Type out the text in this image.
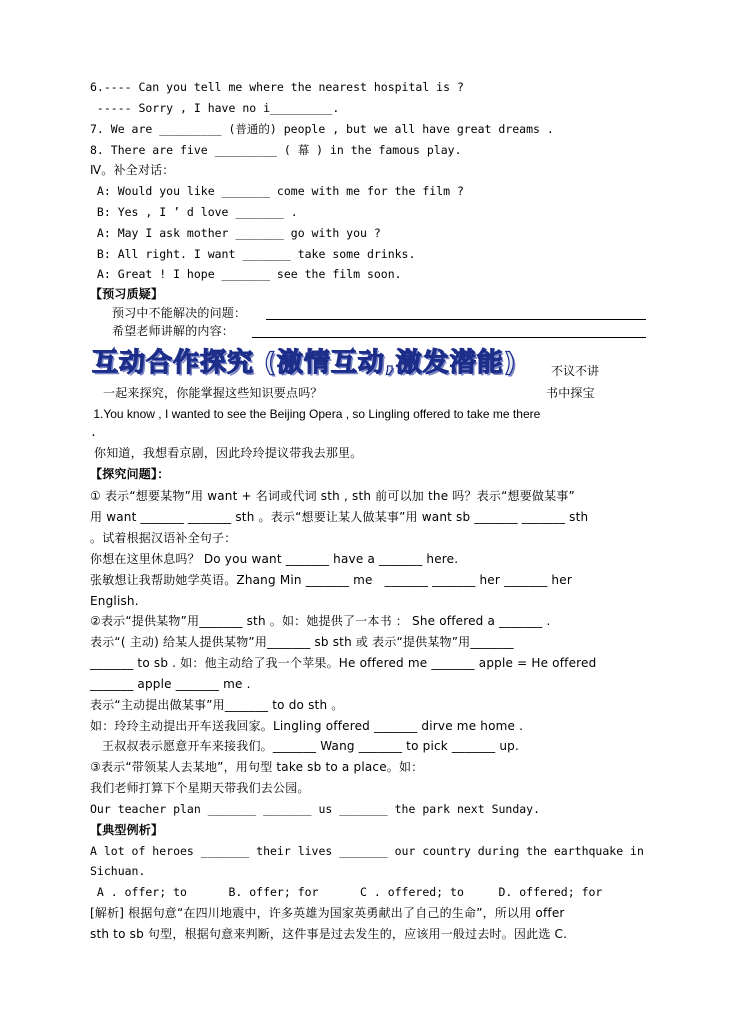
6.---- Can you tell me where the nearest hospital is ?
----- Sorry , I have no i_________.
7. We are _________ (普通的) people , but we all have great dreams .
8. There are five _________ ( 幕 ) in the famous play.
Ⅳ。补全对话：
A: Would you like _______ come with me for the film ?
B: Yes , I ’ d love _______ .
A: May I ask mother _______ go with you ?
B: All right. I want _______ take some drinks.
A: Great ! I hope _______ see the film soon.
【预习质疑】
预习中不能解决的问题：
希望老师讲解的内容：
互动合作探究 (激情互动,激发潜能)	不议不讲
一起来探究，你能掌握这些知识要点吗？	书中探宝
1.You know , I wanted to see the Beijing Opera , so Lingling offered to take me there
.
你知道，我想看京剧，因此玲玲提议带我去那里。
【探究问题】：
① 表示“想要某物”用 want + 名词或代词 sth , sth 前可以加 the 吗？表示“想要做某事”
用 want _______ _______ sth 。表示“想要让某人做某事”用 want sb _______ _______ sth
。试着根据汉语补全句子：
你想在这里休息吗？ Do you want _______ have a _______ here.
张敏想让我帮助她学英语。Zhang Min _______ me   _______ _______ her _______ her
English.
②表示“提供某物”用_______ sth 。如：她提供了一本书 ： She offered a _______ .
表示“( 主动) 给某人提供某物”用_______ sb sth 或 表示“提供某物”用_______
_______ to sb . 如：他主动给了我一个苹果。He offered me _______ apple = He offered
_______ apple _______ me .
表示“主动提出做某事”用_______ to do sth 。
如：玲玲主动提出开车送我回家。Lingling offered _______ dirve me home .
王叔叔表示愿意开车来接我们。_______ Wang _______ to pick _______ up.
③表示“带领某人去某地”，用句型 take sb to a place。如：
我们老师打算下个星期天带我们去公园。
Our teacher plan _______ _______ us _______ the park next Sunday.
【典型例析】
A lot of heroes _______ their lives _______ our country during the earthquake in
Sichuan.
A . offer; to      B. offer; for      C . offered; to     D. offered; for
[解析] 根据句意“在四川地震中，许多英雄为国家英勇献出了自己的生命”，所以用 offer
sth to sb 句型，根据句意来判断，这件事是过去发生的，应该用一般过去时。因此选 C.
